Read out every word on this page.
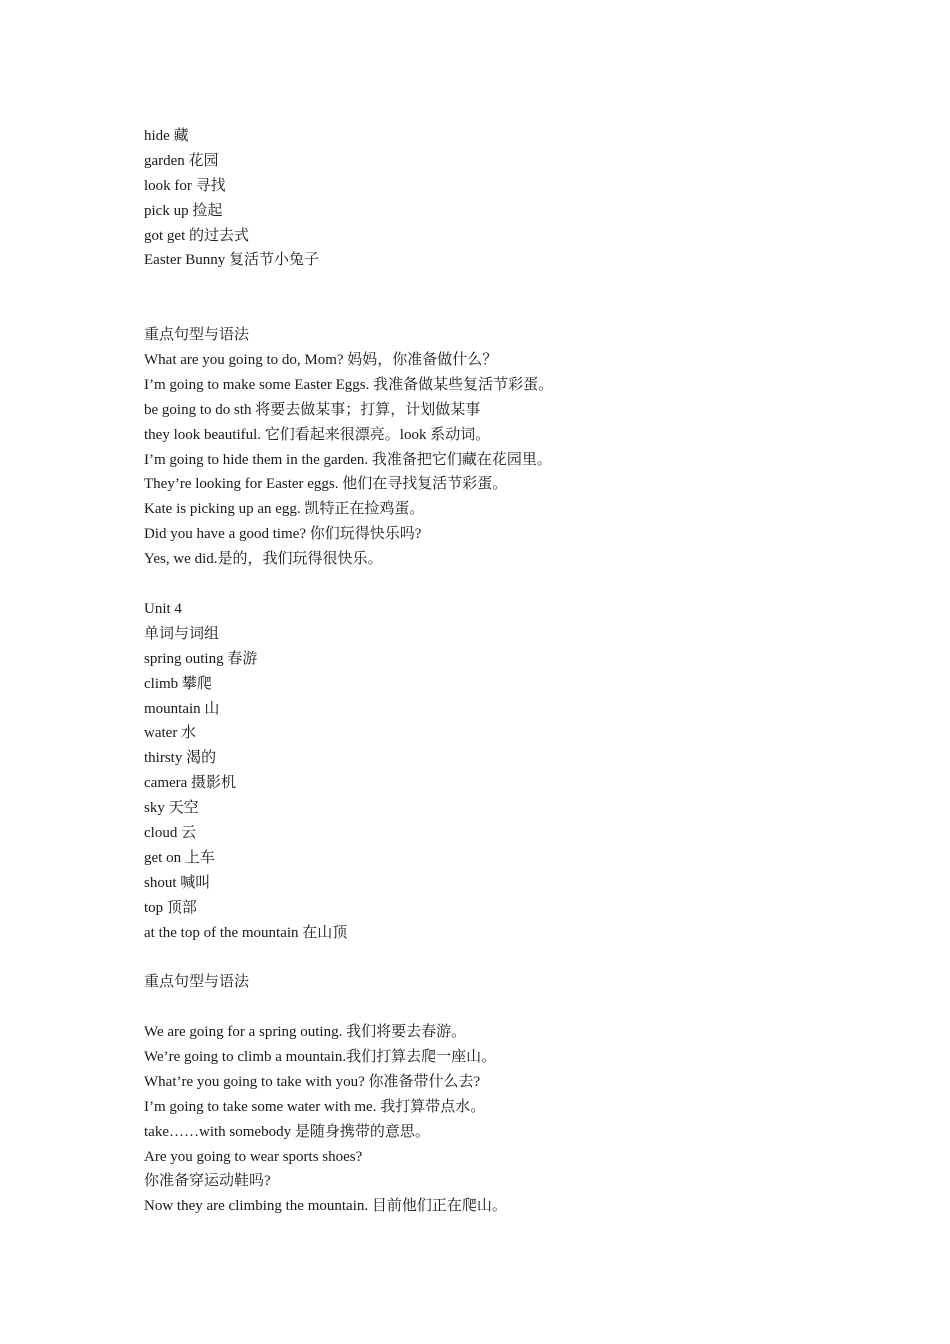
hide 藏
garden 花园
look for 寻找
pick up 捡起
got get 的过去式
Easter Bunny 复活节小兔子
重点句型与语法
What are you going to do, Mom? 妈妈，你准备做什么？
I’m going to make some Easter Eggs. 我准备做某些复活节彩蛋。
be going to do sth 将要去做某事；打算，计划做某事
they look beautiful. 它们看起来很漂亮。look 系动词。
I’m going to hide them in the garden. 我准备把它们藏在花园里。
They’re looking for Easter eggs. 他们在寻找复活节彩蛋。
Kate is picking up an egg. 凯特正在捡鸡蛋。
Did you have a good time? 你们玩得快乐吗?
Yes, we did.是的，我们玩得很快乐。
Unit 4
单词与词组
spring outing 春游
climb 攀爬
mountain 山
water 水
thirsty 渴的
camera 摄影机
sky 天空
cloud 云
get on 上车
shout 喊叫
top 顶部
at the top of the mountain 在山顶
重点句型与语法
We are going for a spring outing. 我们将要去春游。
We’re going to climb a mountain.我们打算去爬一座山。
What’re you going to take with you? 你准备带什么去?
I’m going to take some water with me. 我打算带点水。
take……with somebody 是随身携带的意思。
Are you going to wear sports shoes?
你准备穿运动鞋吗?
Now they are climbing the mountain. 目前他们正在爬山。
